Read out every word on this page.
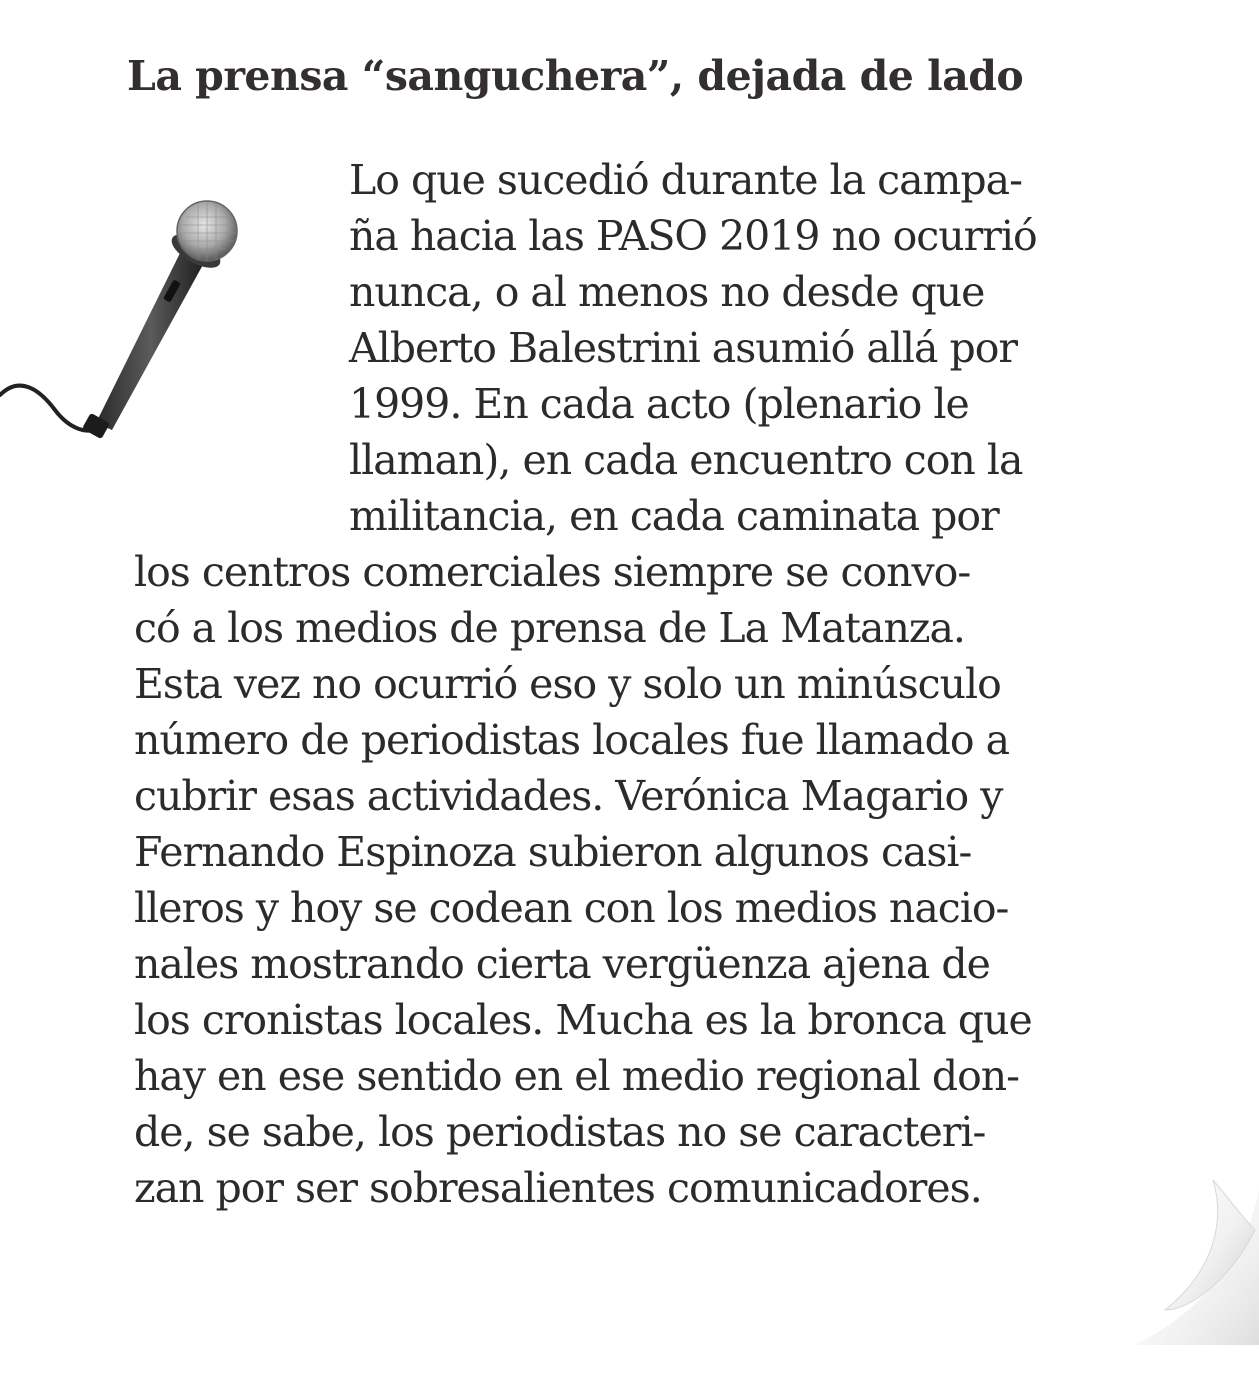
La prensa “sanguchera”, dejada de lado
Lo que sucedió durante la campa-
ña hacia las PASO 2019 no ocurrió
nunca, o al menos no desde que
Alberto Balestrini asumió allá por
1999. En cada acto (plenario le
llaman), en cada encuentro con la
militancia, en cada caminata por
los centros comerciales siempre se convo-
có a los medios de prensa de La Matanza.
Esta vez no ocurrió eso y solo un minúsculo
número de periodistas locales fue llamado a
cubrir esas actividades. Verónica Magario y
Fernando Espinoza subieron algunos casi-
lleros y hoy se codean con los medios nacio-
nales mostrando cierta vergüenza ajena de
los cronistas locales. Mucha es la bronca que
hay en ese sentido en el medio regional don-
de, se sabe, los periodistas no se caracteri-
zan por ser sobresalientes comunicadores.
